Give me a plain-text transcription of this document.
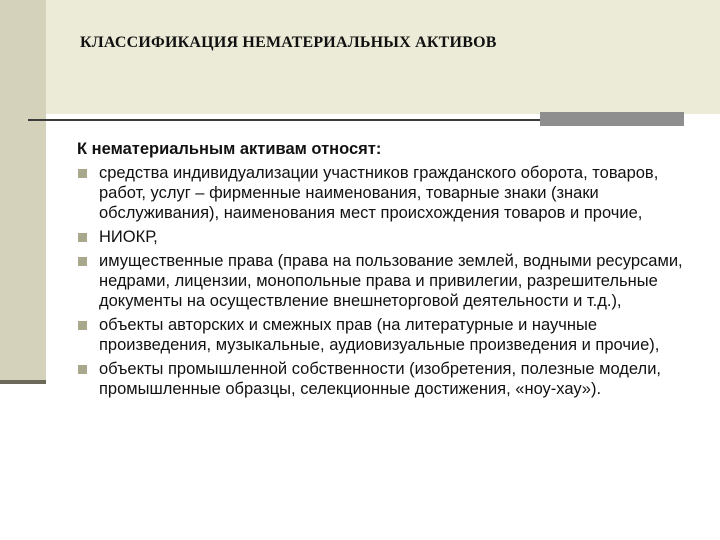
КЛАССИФИКАЦИЯ НЕМАТЕРИАЛЬНЫХ АКТИВОВ

К нематериальным активам относят:

средства индивидуализации участников гражданского оборота, товаров, работ, услуг – фирменные наименования, товарные знаки (знаки обслуживания), наименования мест происхождения товаров и прочие,
НИОКР,
имущественные права (права на пользование землей, водными ресурсами, недрами, лицензии, монопольные права и привилегии, разрешительные документы на осуществление внешнеторговой деятельности и т.д.),
объекты авторских и смежных прав (на литературные и научные произведения, музыкальные, аудиовизуальные произведения и прочие),
объекты промышленной собственности (изобретения, полезные модели, промышленные образцы, селекционные достижения, «ноу-хау»).
